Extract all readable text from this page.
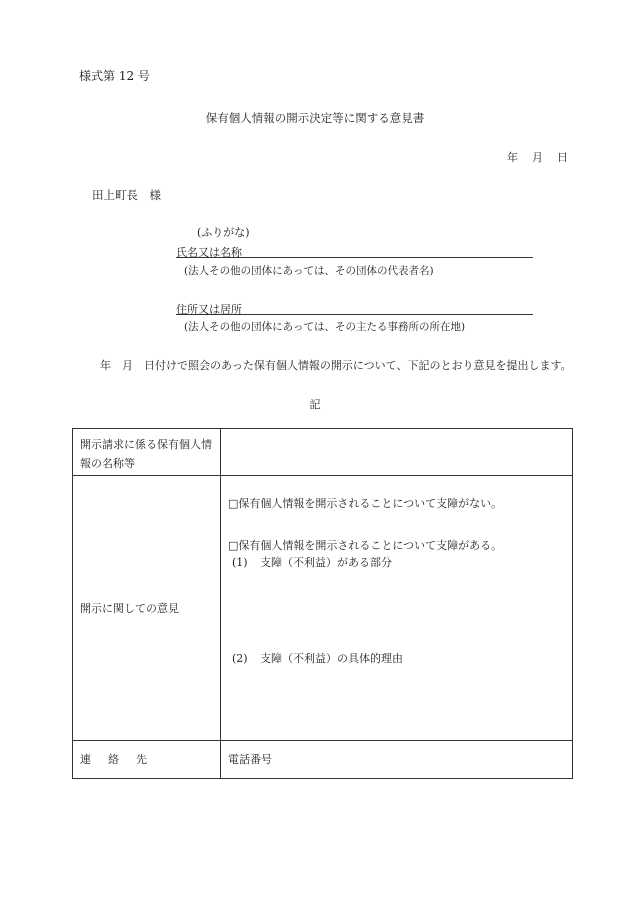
様式第 12 号
保有個人情報の開示決定等に関する意見書
年 月 日
田上町長　様
(ふりがな)
氏名又は名称
(法人その他の団体にあっては、その団体の代表者名)
住所又は居所
(法人その他の団体にあっては、その主たる事務所の所在地)
年　月　日付けで照会のあった保有個人情報の開示について、下記のとおり意見を提出します。
記
開示請求に係る保有個人情報の名称等	

開示に関しての意見	□保有個人情報を開示されることについて支障がない。
□保有個人情報を開示されることについて支障がある。
(1) 支障（不利益）がある部分
(2) 支障（不利益）の具体的理由

連 絡 先	電話番号
